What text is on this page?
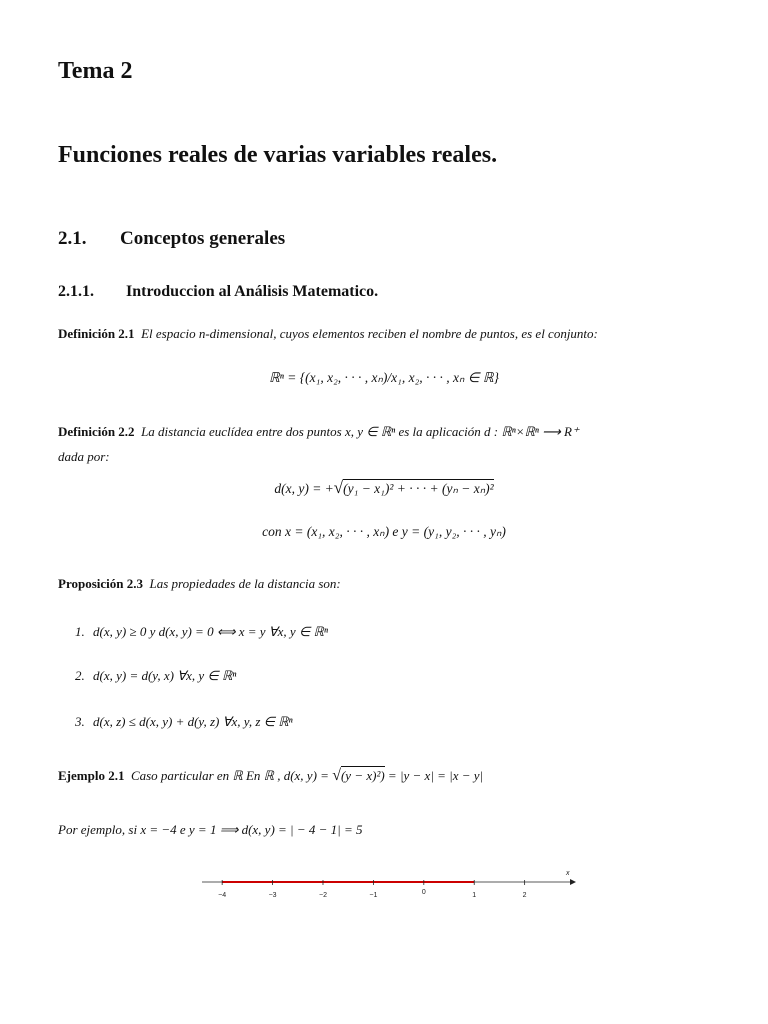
Tema 2
Funciones reales de varias variables reales.
2.1. Conceptos generales
2.1.1. Introduccion al Análisis Matematico.
Definición 2.1 El espacio n-dimensional, cuyos elementos reciben el nombre de puntos, es el conjunto:
ℝⁿ = {(x₁, x₂, · · · , xₙ)/x₁, x₂, · · · , xₙ ∈ ℝ}
Definición 2.2 La distancia euclídea entre dos puntos x, y ∈ ℝⁿ es la aplicación d : ℝⁿ×ℝⁿ ⟶ R⁺
dada por:
d(x, y) = +√(y₁ − x₁)² + · · · + (yₙ − xₙ)²
con x = (x₁, x₂, · · · , xₙ) e y = (y₁, y₂, · · · , yₙ)
Proposición 2.3 Las propiedades de la distancia son:
1. d(x, y) ≥ 0 y d(x, y) = 0 ⟺ x = y ∀x, y ∈ ℝⁿ
2. d(x, y) = d(y, x) ∀x, y ∈ ℝⁿ
3. d(x, z) ≤ d(x, y) + d(y, z) ∀x, y, z ∈ ℝⁿ
Ejemplo 2.1 Caso particular en ℝ En ℝ , d(x, y) = √(y − x)²) = |y − x| = |x − y|
Por ejemplo, si x = −4 e y = 1 ⟹ d(x, y) = | − 4 − 1| = 5
x
−4	−3	−2	−1	0	1	2
